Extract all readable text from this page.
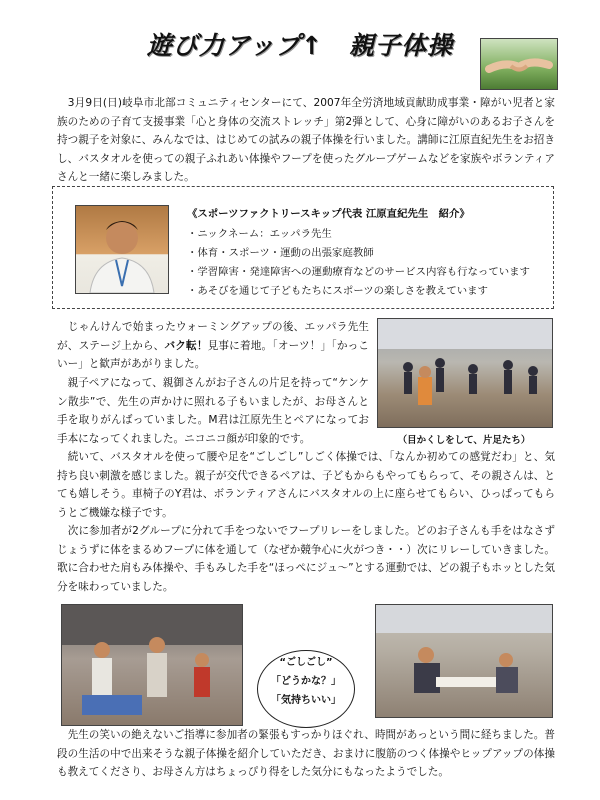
遊び力アップ↑　親子体操

　3月9日(日)岐阜市北部コミュニティセンターにて、2007年全労済地域貢献助成事業・障がい児者と家族のための子育て支援事業「心と身体の交流ストレッチ」第2弾として、心身に障がいのあるお子さんを持つ親子を対象に、みんなでは、はじめての試みの親子体操を行いました。講師に江原直紀先生をお招きし、バスタオルを使っての親子ふれあい体操やフープを使ったグループゲームなどを家族やボランティアさんと一緒に楽しみました。

《スポーツファクトリースキップ代表 江原直紀先生　紹介》

・ニックネーム：エッパラ先生

・体育・スポーツ・運動の出張家庭教師

・学習障害・発達障害への運動療育などのサービス内容も行なっています

・あそびを通じて子どもたちにスポーツの楽しさを教えています

　じゃんけんで始まったウォーミングアップの後、エッパラ先生が、ステージ上から、バク転！見事に着地。「オーツ！」「かっこいー」と歓声があがりました。

　親子ペアになって、親御さんがお子さんの片足を持って“ケンケン散歩”で、先生の声かけに照れる子もいましたが、お母さんと手を取りがんばっていました。M君は江原先生とペアになってお手本になってくれました。ニコニコ顔が印象的です。	（目かくしをして、片足たち）

　続いて、バスタオルを使って腰や足を“ごしごし”しごく体操では、「なんか初めての感覚だわ」と、気持ち良い刺激を感じました。親子が交代できるペアは、子どもからもやってもらって、その親さんは、とても嬉しそう。車椅子のY君は、ボランティアさんにバスタオルの上に座らせてもらい、ひっぱってもらうとご機嫌な様子です。

　次に参加者が2グループに分れて手をつないでフープリレーをしました。どのお子さんも手をはなさずじょうずに体をまるめフープに体を通して（なぜか競争心に火がつき・・）次にリレーしていきました。歌に合わせた肩もみ体操や、手もみした手を“ほっぺにジュ～”とする運動では、どの親子もホッとした気分を味わっていました。

“ごしごし”
「どうかな？」
「気持ちいい」

　先生の笑いの絶えないご指導に参加者の緊張もすっかりほぐれ、時間があっという間に経ちました。普段の生活の中で出来そうな親子体操を紹介していただき、おまけに腹筋のつく体操やヒップアップの体操も教えてくださり、お母さん方はちょっぴり得をした気分にもなったようでした。
